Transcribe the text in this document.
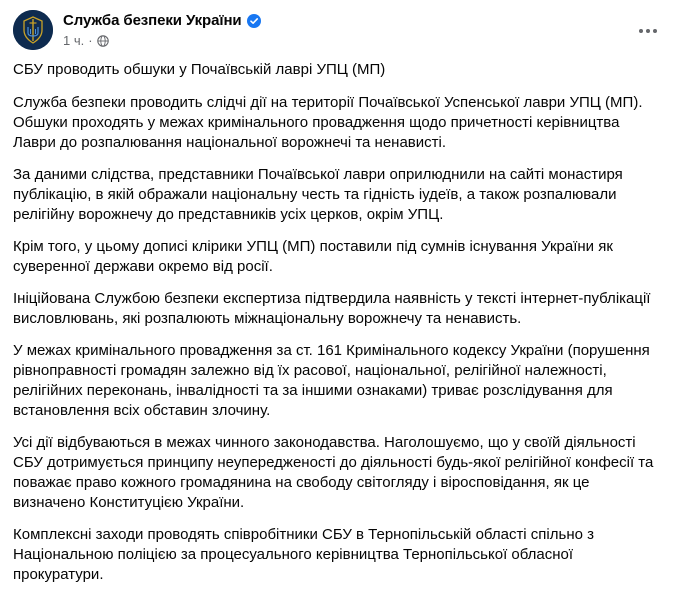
Служба безпеки України
1 ч. ·

СБУ проводить обшуки у Почаївській лаврі УПЦ (МП)

Служба безпеки проводить слідчі дії на території Почаївської Успенської лаври УПЦ (МП). Обшуки проходять у межах кримінального провадження щодо причетності керівництва Лаври до розпалювання національної ворожнечі та ненависті.

За даними слідства, представники Почаївської лаври оприлюднили на сайті монастиря публікацію, в якій ображали національну честь та гідність іудеїв, а також розпалювали релігійну ворожнечу до представників усіх церков, окрім УПЦ.

Крім того, у цьому дописі клірики УПЦ (МП) поставили під сумнів існування України як суверенної держави окремо від росії.

Ініційована Службою безпеки експертиза підтвердила наявність у тексті інтернет-публікації висловлювань, які розпалюють міжнаціональну ворожнечу та ненависть.

У межах кримінального провадження за ст. 161 Кримінального кодексу України (порушення рівноправності громадян залежно від їх расової, національної, релігійної належності, релігійних переконань, інвалідності та за іншими ознаками) триває розслідування для встановлення всіх обставин злочину.

Усі дії відбуваються в межах чинного законодавства. Наголошуємо, що у своїй діяльності СБУ дотримується принципу неупередженості до діяльності будь-якої релігійної конфесії та поважає право кожного громадянина на свободу світогляду і віросповідання, як це визначено Конституцією України.

Комплексні заходи проводять співробітники СБУ в Тернопільській області спільно з Національною поліцією за процесуального керівництва Тернопільської обласної прокуратури.
